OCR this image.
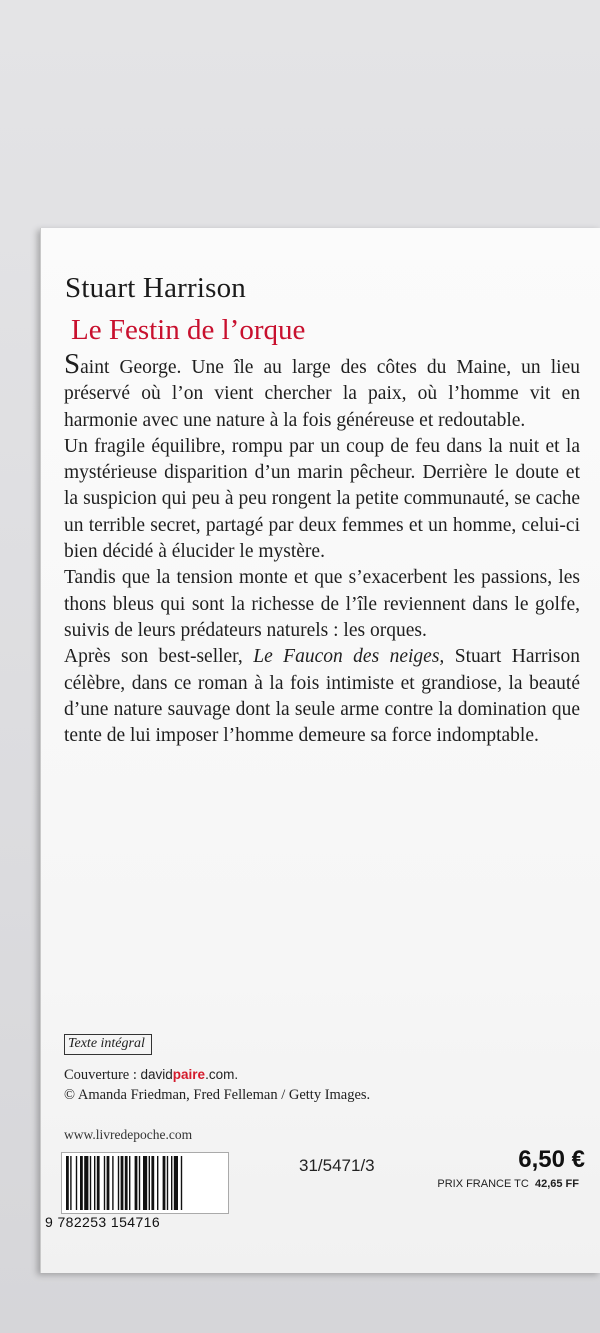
Stuart Harrison
Le Festin de l’orque

Saint George. Une île au large des côtes du Maine, un lieu préservé où l’on vient chercher la paix, où l’homme vit en harmonie avec une nature à la fois généreuse et redoutable.

Un fragile équilibre, rompu par un coup de feu dans la nuit et la mystérieuse disparition d’un marin pêcheur. Derrière le doute et la suspicion qui peu à peu rongent la petite communauté, se cache un terrible secret, partagé par deux femmes et un homme, celui-ci bien décidé à élucider le mystère.

Tandis que la tension monte et que s’exacerbent les passions, les thons bleus qui sont la richesse de l’île reviennent dans le golfe, suivis de leurs prédateurs naturels : les orques.

Après son best-seller, Le Faucon des neiges, Stuart Harrison célèbre, dans ce roman à la fois intimiste et grandiose, la beauté d’une nature sauvage dont la seule arme contre la domination que tente de lui imposer l’homme demeure sa force indomptable.

Texte intégral
Couverture : davidpaire.com.
© Amanda Friedman, Fred Felleman / Getty Images.
www.livredepoche.com
9 782253 154716
31/5471/3	6,50 €
PRIX FRANCE TC 42,65 FF
